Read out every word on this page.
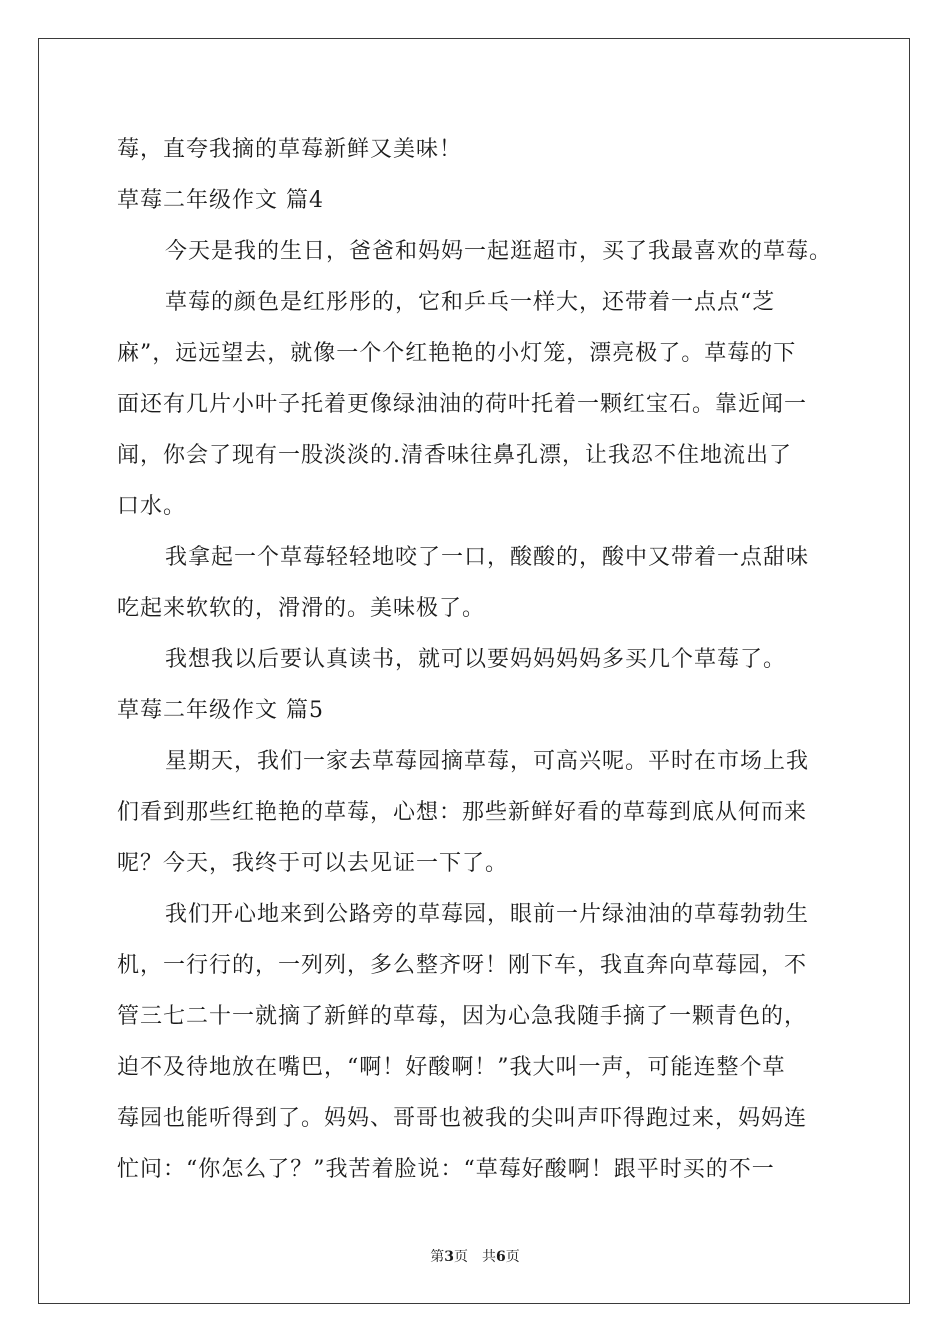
莓，直夸我摘的草莓新鲜又美味！
草莓二年级作文 篇4
今天是我的生日，爸爸和妈妈一起逛超市，买了我最喜欢的草莓。
草莓的颜色是红彤彤的，它和乒乓一样大，还带着一点点“芝
麻”，远远望去，就像一个个红艳艳的小灯笼，漂亮极了。草莓的下
面还有几片小叶子托着更像绿油油的荷叶托着一颗红宝石。靠近闻一
闻，你会了现有一股淡淡的.清香味往鼻孔漂，让我忍不住地流出了
口水。
我拿起一个草莓轻轻地咬了一口，酸酸的，酸中又带着一点甜味
吃起来软软的，滑滑的。美味极了。
我想我以后要认真读书，就可以要妈妈妈妈多买几个草莓了。
草莓二年级作文 篇5
星期天，我们一家去草莓园摘草莓，可高兴呢。平时在市场上我
们看到那些红艳艳的草莓，心想：那些新鲜好看的草莓到底从何而来
呢？今天，我终于可以去见证一下了。
我们开心地来到公路旁的草莓园，眼前一片绿油油的草莓勃勃生
机，一行行的，一列列，多么整齐呀！刚下车，我直奔向草莓园，不
管三七二十一就摘了新鲜的草莓，因为心急我随手摘了一颗青色的，
迫不及待地放在嘴巴，“啊！好酸啊！”我大叫一声，可能连整个草
莓园也能听得到了。妈妈、哥哥也被我的尖叫声吓得跑过来，妈妈连
忙问：“你怎么了？”我苦着脸说：“草莓好酸啊！跟平时买的不一
第3页　共6页
